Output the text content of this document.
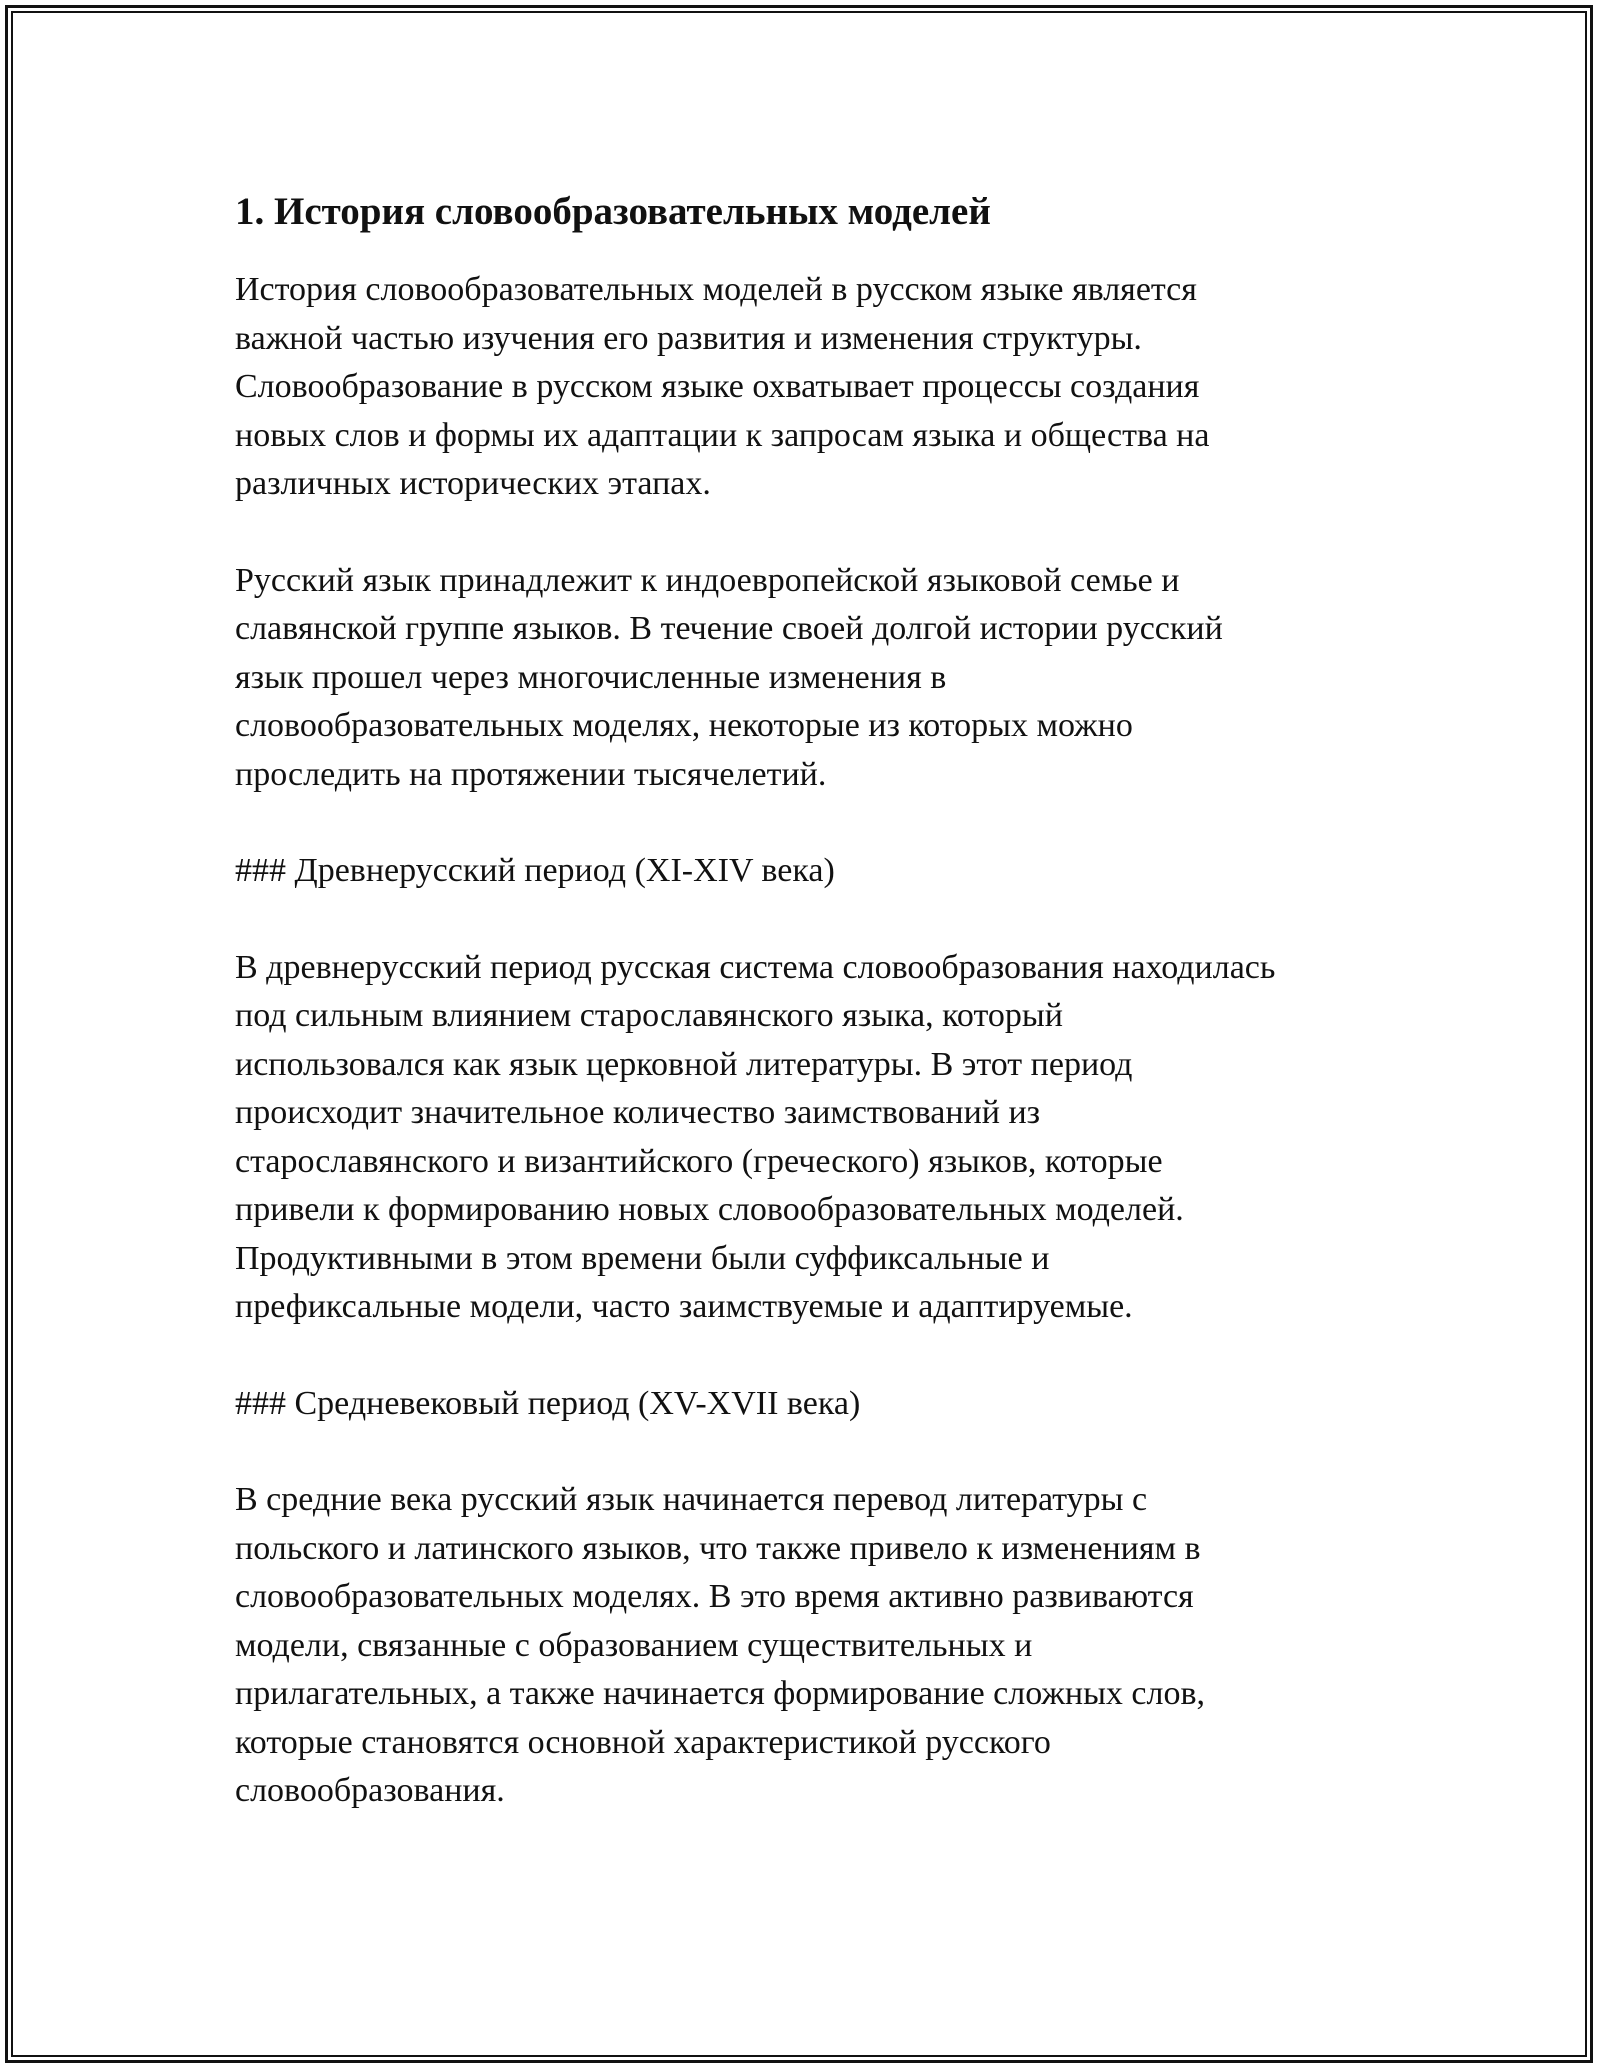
1. История словообразовательных моделей

История словообразовательных моделей в русском языке является
важной частью изучения его развития и изменения структуры.
Словообразование в русском языке охватывает процессы создания
новых слов и формы их адаптации к запросам языка и общества на
различных исторических этапах.

Русский язык принадлежит к индоевропейской языковой семье и
славянской группе языков. В течение своей долгой истории русский
язык прошел через многочисленные изменения в
словообразовательных моделях, некоторые из которых можно
проследить на протяжении тысячелетий.

### Древнерусский период (XI-XIV века)

В древнерусский период русская система словообразования находилась
под сильным влиянием старославянского языка, который
использовался как язык церковной литературы. В этот период
происходит значительное количество заимствований из
старославянского и византийского (греческого) языков, которые
привели к формированию новых словообразовательных моделей.
Продуктивными в этом времени были суффиксальные и
префиксальные модели, часто заимствуемые и адаптируемые.

### Средневековый период (XV-XVII века)

В средние века русский язык начинается перевод литературы с
польского и латинского языков, что также привело к изменениям в
словообразовательных моделях. В это время активно развиваются
модели, связанные с образованием существительных и
прилагательных, а также начинается формирование сложных слов,
которые становятся основной характеристикой русского
словообразования.
